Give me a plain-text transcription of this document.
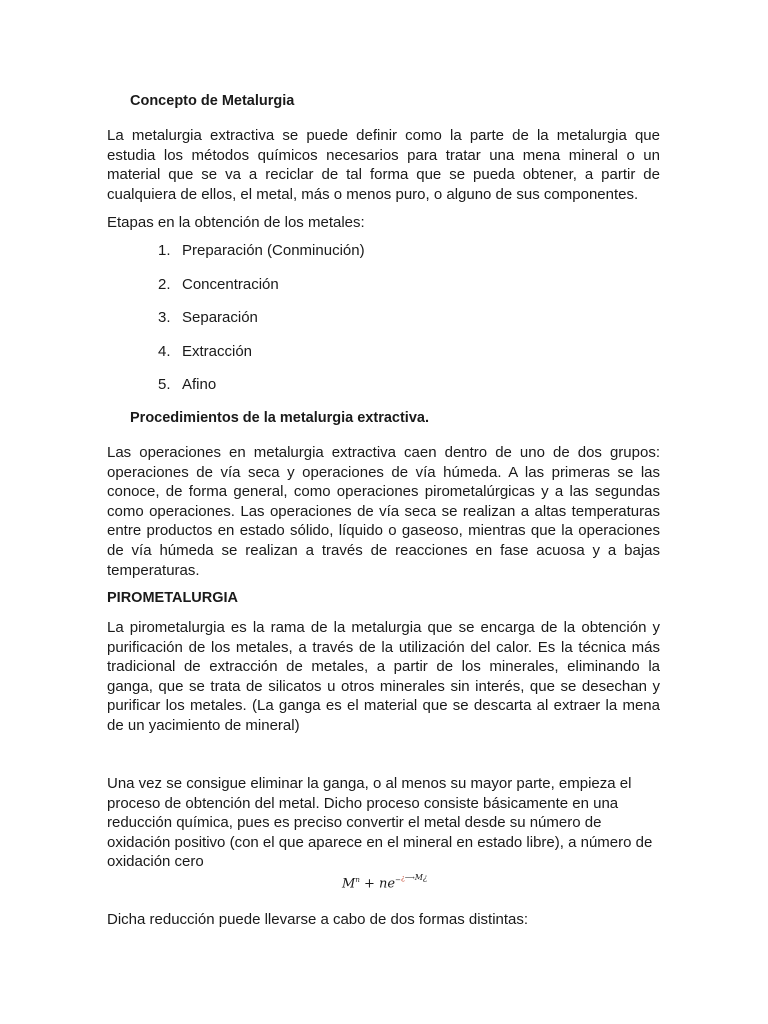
Concepto de Metalurgia

La metalurgia extractiva se puede definir como la parte de la metalurgia que estudia los métodos químicos necesarios para tratar una mena mineral o un material que se va a reciclar de tal forma que se pueda obtener, a partir de cualquiera de ellos, el metal, más o menos puro, o alguno de sus componentes.

Etapas en la obtención de los metales:

1. Preparación (Conminución)
2. Concentración
3. Separación
4. Extracción
5. Afino

Procedimientos de la metalurgia extractiva.

Las operaciones en metalurgia extractiva caen dentro de uno de dos grupos: operaciones de vía seca y operaciones de vía húmeda. A las primeras se las conoce, de forma general, como operaciones pirometalúrgicas y a las segundas como operaciones. Las operaciones de vía seca se realizan a altas temperaturas entre productos en estado sólido, líquido o gaseoso, mientras que la operaciones de vía húmeda se realizan a través de reacciones en fase acuosa y a bajas temperaturas.

PIROMETALURGIA

La pirometalurgia es la rama de la metalurgia que se encarga de la obtención y purificación de los metales, a través de la utilización del calor. Es la técnica más tradicional de extracción de metales, a partir de los minerales, eliminando la ganga, que se trata de silicatos u otros minerales sin interés, que se desechan y purificar los metales. (La ganga es el material que se descarta al extraer la mena de un yacimiento de mineral)

Una vez se consigue eliminar la ganga, o al menos su mayor parte, empieza el proceso de obtención del metal. Dicho proceso consiste básicamente en una reducción química, pues es preciso convertir el metal desde su número de oxidación positivo (con el que aparece en el mineral en estado libre), a número de oxidación cero

$M^n$ + ne−¿⟶$^{M¿}$

Dicha reducción puede llevarse a cabo de dos formas distintas:
